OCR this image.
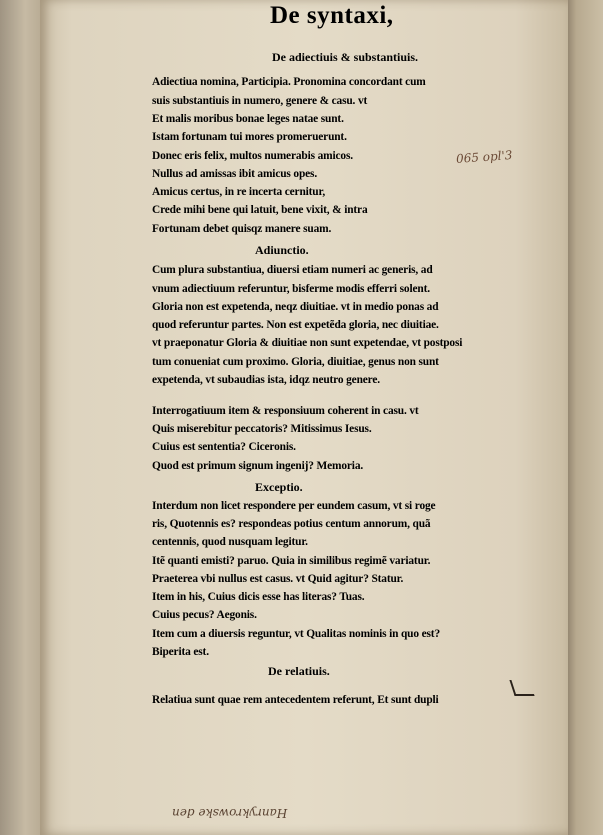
De syntaxi,
De adiectiuis & substantiuis.
Adiectiua nomina, Participia. Pronomina concordant cum
suis substantiuis in numero, genere & casu. vt
Et malis moribus bonae leges natae sunt.
Istam fortunam tui mores promeruerunt.
Donec eris felix, multos numerabis amicos.
Nullus ad amissas ibit amicus opes.
Amicus certus, in re incerta cernitur,
Crede mihi bene qui latuit, bene vixit, & intra
Fortunam debet quisqz manere suam.
Adiunctio.
Cum plura substantiua, diuersi etiam numeri ac generis, ad
vnum adiectiuum referuntur, bisferme modis efferri solent.
Gloria non est expetenda, neqz diuitiae. vt in medio ponas ad
quod referuntur partes. Non est expetẽda gloria, nec diuitiae.
vt praeponatur Gloria & diuitiae non sunt expetendae, vt postposi
tum conueniat cum proximo. Gloria, diuitiae, genus non sunt
expetenda, vt subaudias ista, idqz neutro genere.
Interrogatiuum item & responsiuum coherent in casu. vt
Quis miserebitur peccatoris? Mitissimus Iesus.
Cuius est sententia? Ciceronis.
Quod est primum signum ingenij? Memoria.
Exceptio.
Interdum non licet respondere per eundem casum, vt si roge
ris, Quotennis es? respondeas potius centum annorum, quã
centennis, quod nusquam legitur.
Itẽ quanti emisti? paruo. Quia in similibus regimẽ variatur.
Praeterea vbi nullus est casus. vt Quid agitur? Statur.
Item in his, Cuius dicis esse has literas? Tuas.
Cuius pecus? Aegonis.
Item cum a diuersis reguntur, vt Qualitas nominis in quo est?
Biperita est.
De relatiuis.
Relatiua sunt quae rem antecedentem referunt, Et sunt dupli
065 opl'3
Hanrykrowske den
